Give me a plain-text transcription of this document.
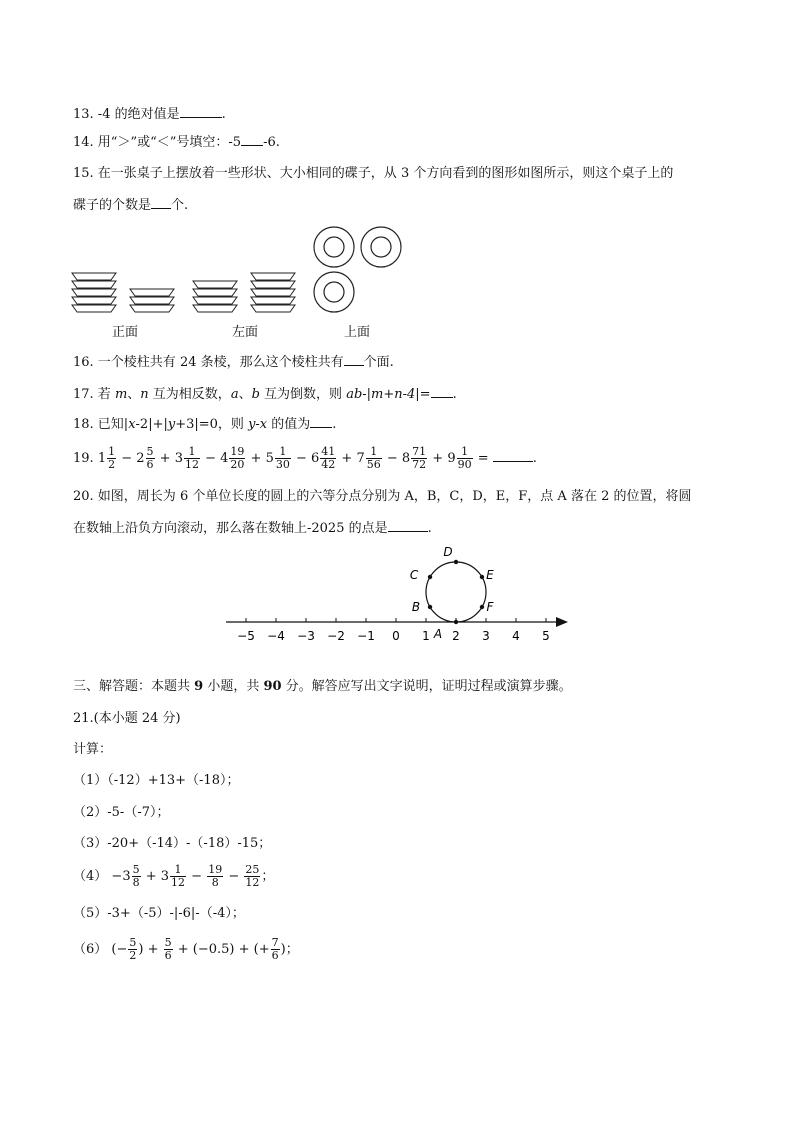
13. -4 的绝对值是	.
14. 用“＞”或“＜”号填空：-5 -6.
15. 在一张桌子上摆放着一些形状、大小相同的碟子，从 3 个方向看到的图形如图所示，则这个桌子上的
碟子的个数是 个.
正面	左面	上面
16. 一个棱柱共有 24 条棱，那么这个棱柱共有 个面.
17. 若 m、n 互为相反数，a、b 互为倒数，则 ab-|m+n-4|= .
18. 已知|x-2|+|y+3|=0，则 y-x 的值为 .
19. $1 \frac{1}{2} - 2 \frac{5}{6} + 3 \frac{1}{12} - 4 \frac{19}{20} + 5 \frac{1}{30} - 6 \frac{41}{42} + 7 \frac{1}{56} - 8 \frac{71}{72} + 9 \frac{1}{90}$ =	.
20. 如图，周长为 6 个单位长度的圆上的六等分点分别为 A，B，C，D，E，F，点 A 落在 2 的位置，将圆
在数轴上沿负方向滚动，那么落在数轴上-2025 的点是	.
−5 −4 −3 −2 −1 0 1 2 3 4 5
A
B
C
D
E
F
三、解答题：本题共 9 小题，共 90 分。解答应写出文字说明，证明过程或演算步骤。
21.(本小题 24 分)
计算：
（1）（-12）+13+（-18）；
（2）-5-（-7）；
（3）-20+（-14）-（-18）-15；
$(4) -3 \frac{5}{8} + 3 \frac{1}{12} - \frac{19}{8} - \frac{25}{12}$ ；
（5）-3+（-5）-|-6|-（-4）；
（6） (− $\frac{5}{2}$ ) + $\frac{5}{6} + (-0.5)$ + (+ $\frac{7}{6}$ )；
